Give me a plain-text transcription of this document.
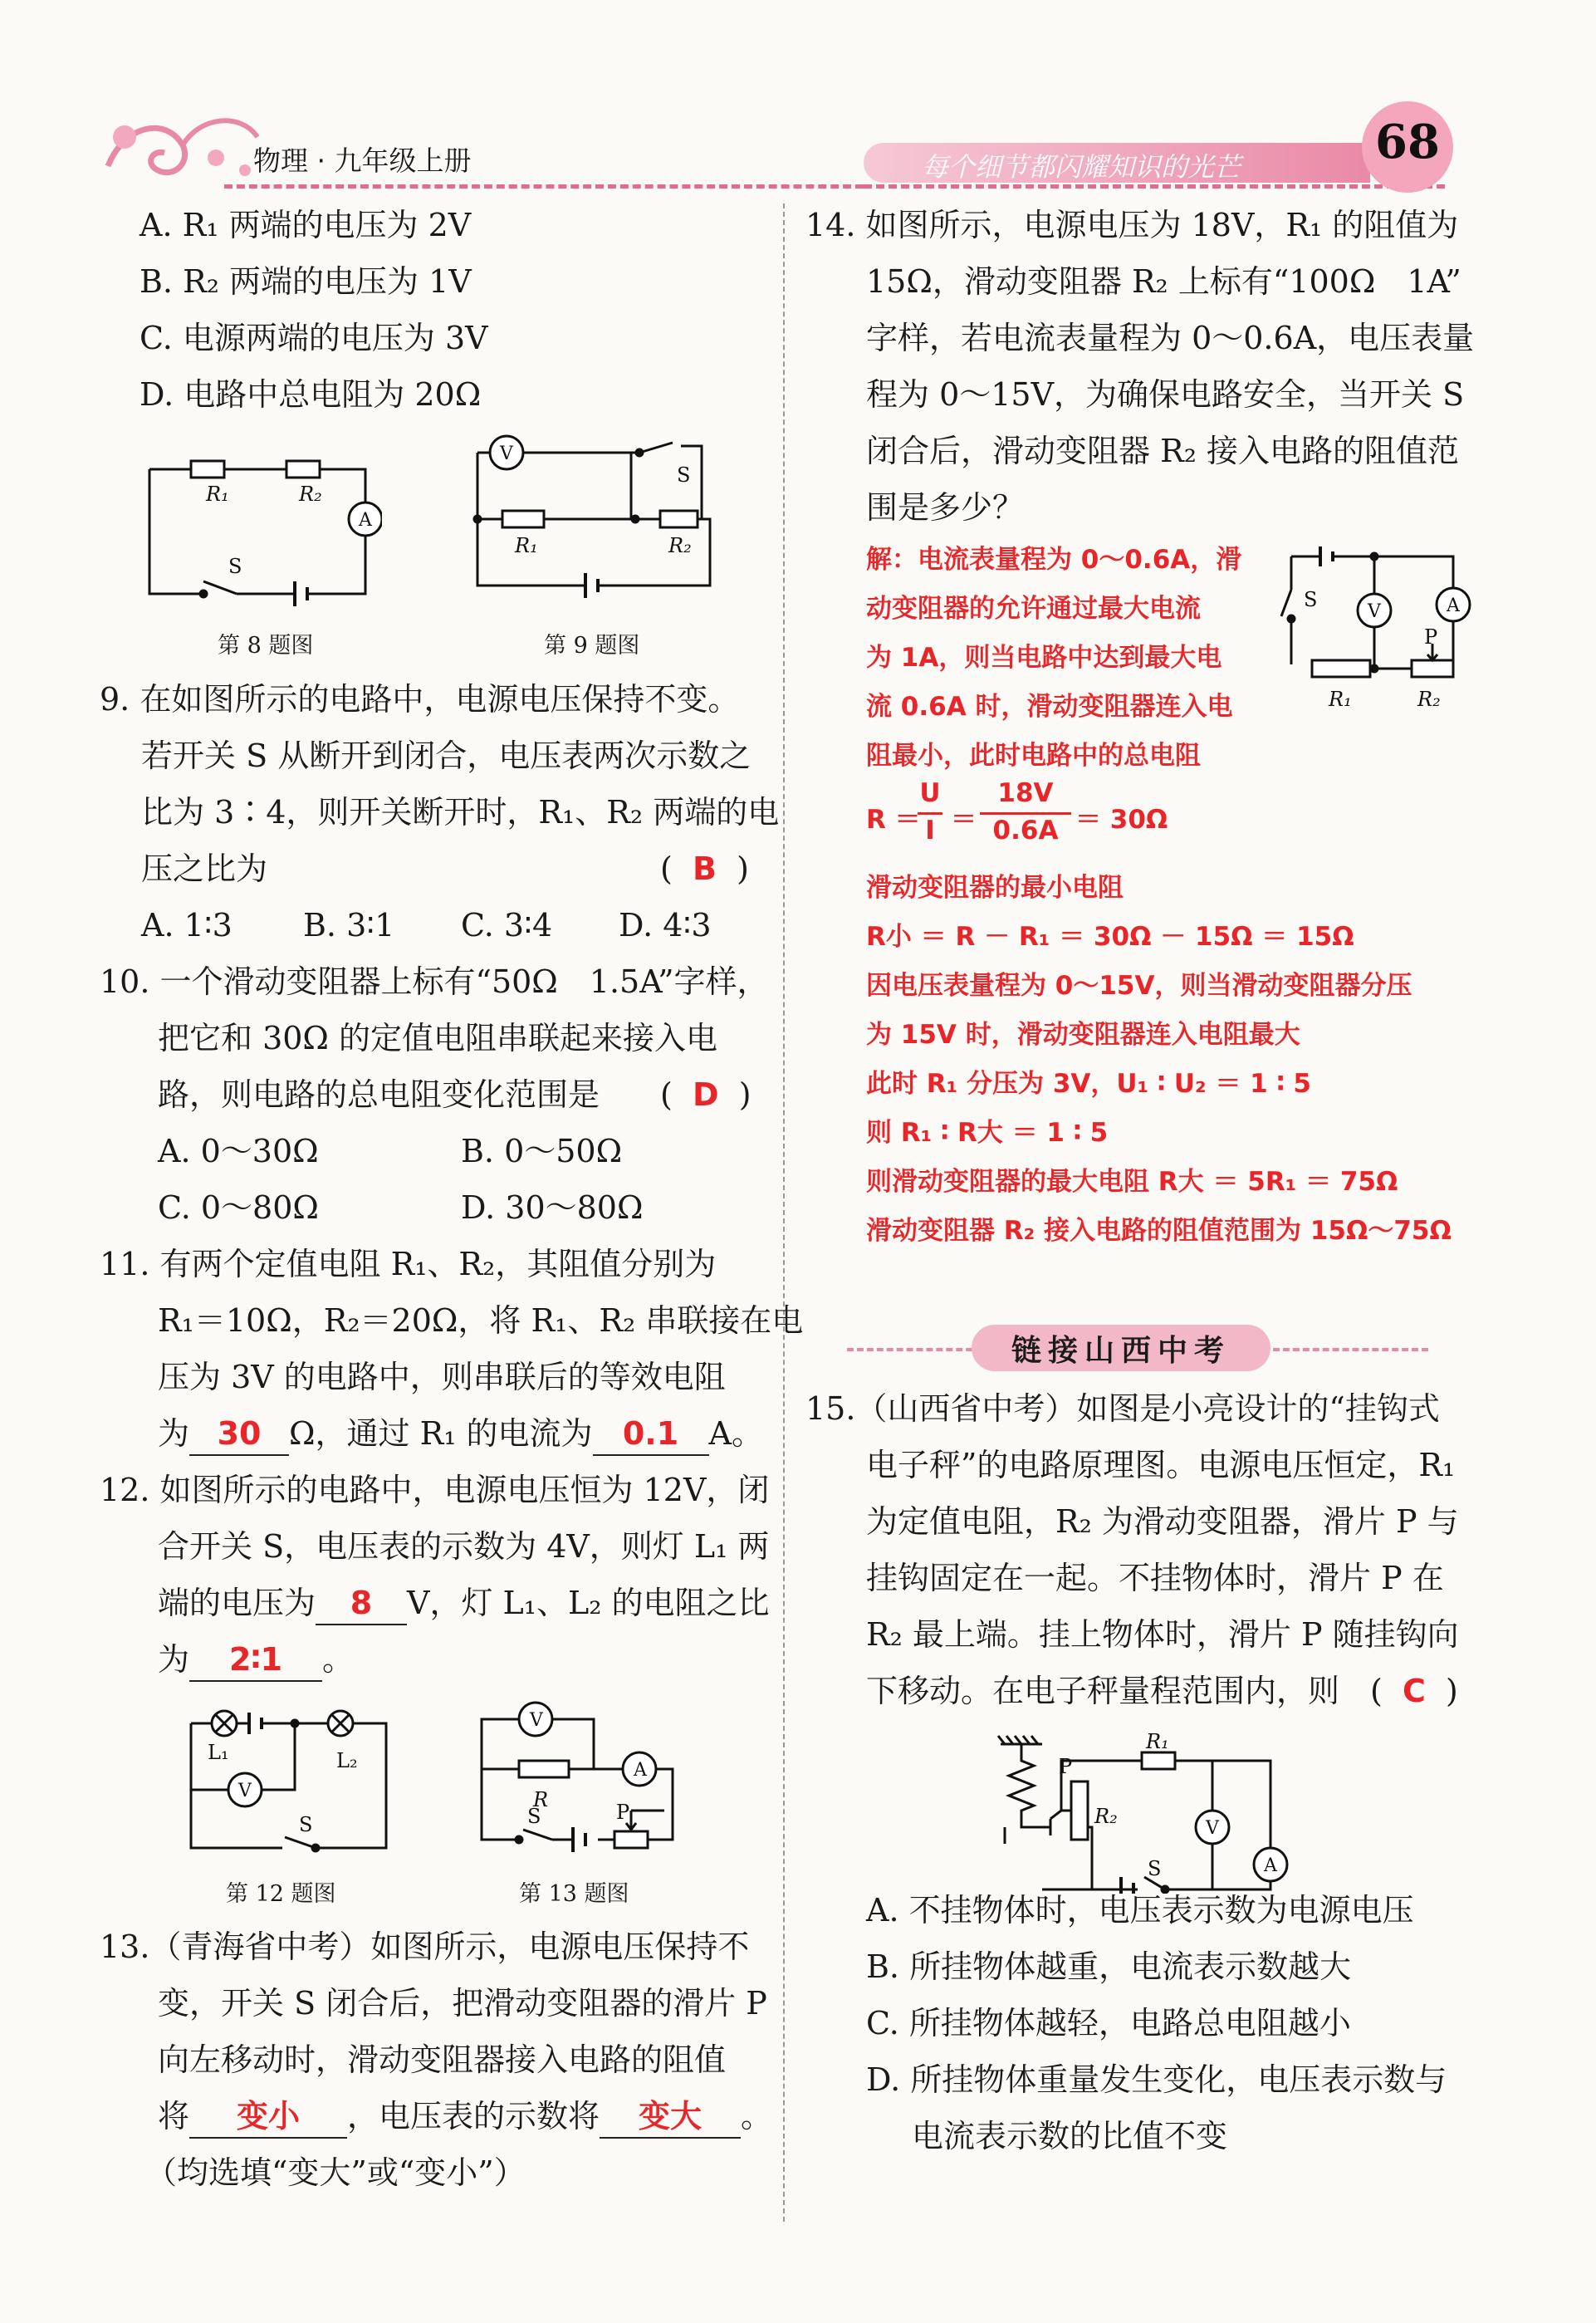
物理 · 九年级上册	每个细节都闪耀知识的光芒	68
A. R₁ 两端的电压为 2V
B. R₂ 两端的电压为 1V
C. 电源两端的电压为 3V
D. 电路中总电阻为 20Ω
R₁	R₂
A
S
第 8 题图
V
S
R₁	R₂
第 9 题图
9. 在如图所示的电路中，电源电压保持不变。
若开关 S 从断开到闭合，电压表两次示数之
比为 3∶4，则开关断开时，R₁、R₂ 两端的电
压之比为	(  B  )
A. 1∶3 B. 3∶1 C. 3∶4 D. 4∶3
10. 一个滑动变阻器上标有“50Ω　1.5A”字样，
把它和 30Ω 的定值电阻串联起来接入电
路，则电路的总电阻变化范围是 (  D  )
A. 0～30Ω	B. 0～50Ω
C. 0～80Ω	D. 30～80Ω
11. 有两个定值电阻 R₁、R₂，其阻值分别为
R₁＝10Ω，R₂＝20Ω，将 R₁、R₂ 串联接在电
压为 3V 的电路中，则串联后的等效电阻
为 30 Ω，通过 R₁ 的电流为 0.1 A。
12. 如图所示的电路中，电源电压恒为 12V，闭
合开关 S，电压表的示数为 4V，则灯 L₁ 两
端的电压为 8 V，灯 L₁、L₂ 的电阻之比
为 2∶1 。
L₁	L₂
V
S
第 12 题图
V
A
R
S	P
第 13 题图
13.（青海省中考）如图所示，电源电压保持不
变，开关 S 闭合后，把滑动变阻器的滑片 P
向左移动时，滑动变阻器接入电路的阻值
将 变小 ，电压表的示数将 变大 。
（均选填“变大”或“变小”）
14. 如图所示，电源电压为 18V，R₁ 的阻值为
15Ω，滑动变阻器 R₂ 上标有“100Ω　1A”
字样，若电流表量程为 0～0.6A，电压表量
程为 0～15V，为确保电路安全，当开关 S
闭合后，滑动变阻器 R₂ 接入电路的阻值范
围是多少？
解：电流表量程为 0～0.6A，滑
动变阻器的允许通过最大电流
为 1A，则当电路中达到最大电
流 0.6A 时，滑动变阻器连入电
阻最小，此时电路中的总电阻
R ＝
U
I ＝
18V
0.6A ＝ 30Ω
滑动变阻器的最小电阻
R小 ＝ R － R₁ ＝ 30Ω － 15Ω ＝ 15Ω
因电压表量程为 0～15V，则当滑动变阻器分压
为 15V 时，滑动变阻器连入电阻最大
此时 R₁ 分压为 3V，U₁ ∶ U₂ ＝ 1 ∶ 5
则 R₁ ∶ R大 ＝ 1 ∶ 5
则滑动变阻器的最大电阻 R大 ＝ 5R₁ ＝ 75Ω
滑动变阻器 R₂ 接入电路的阻值范围为 15Ω～75Ω
S
V	A
P
R₁	R₂
链接山西中考
15.（山西省中考）如图是小亮设计的“挂钩式
电子秤”的电路原理图。电源电压恒定，R₁
为定值电阻，R₂ 为滑动变阻器，滑片 P 与
挂钩固定在一起。不挂物体时，滑片 P 在
R₂ 最上端。挂上物体时，滑片 P 随挂钩向
下移动。在电子秤量程范围内，则 (  C  )
P
R₂
R₁
V
A
S
A. 不挂物体时，电压表示数为电源电压
B. 所挂物体越重，电流表示数越大
C. 所挂物体越轻，电路总电阻越小
D. 所挂物体重量发生变化，电压表示数与
电流表示数的比值不变
